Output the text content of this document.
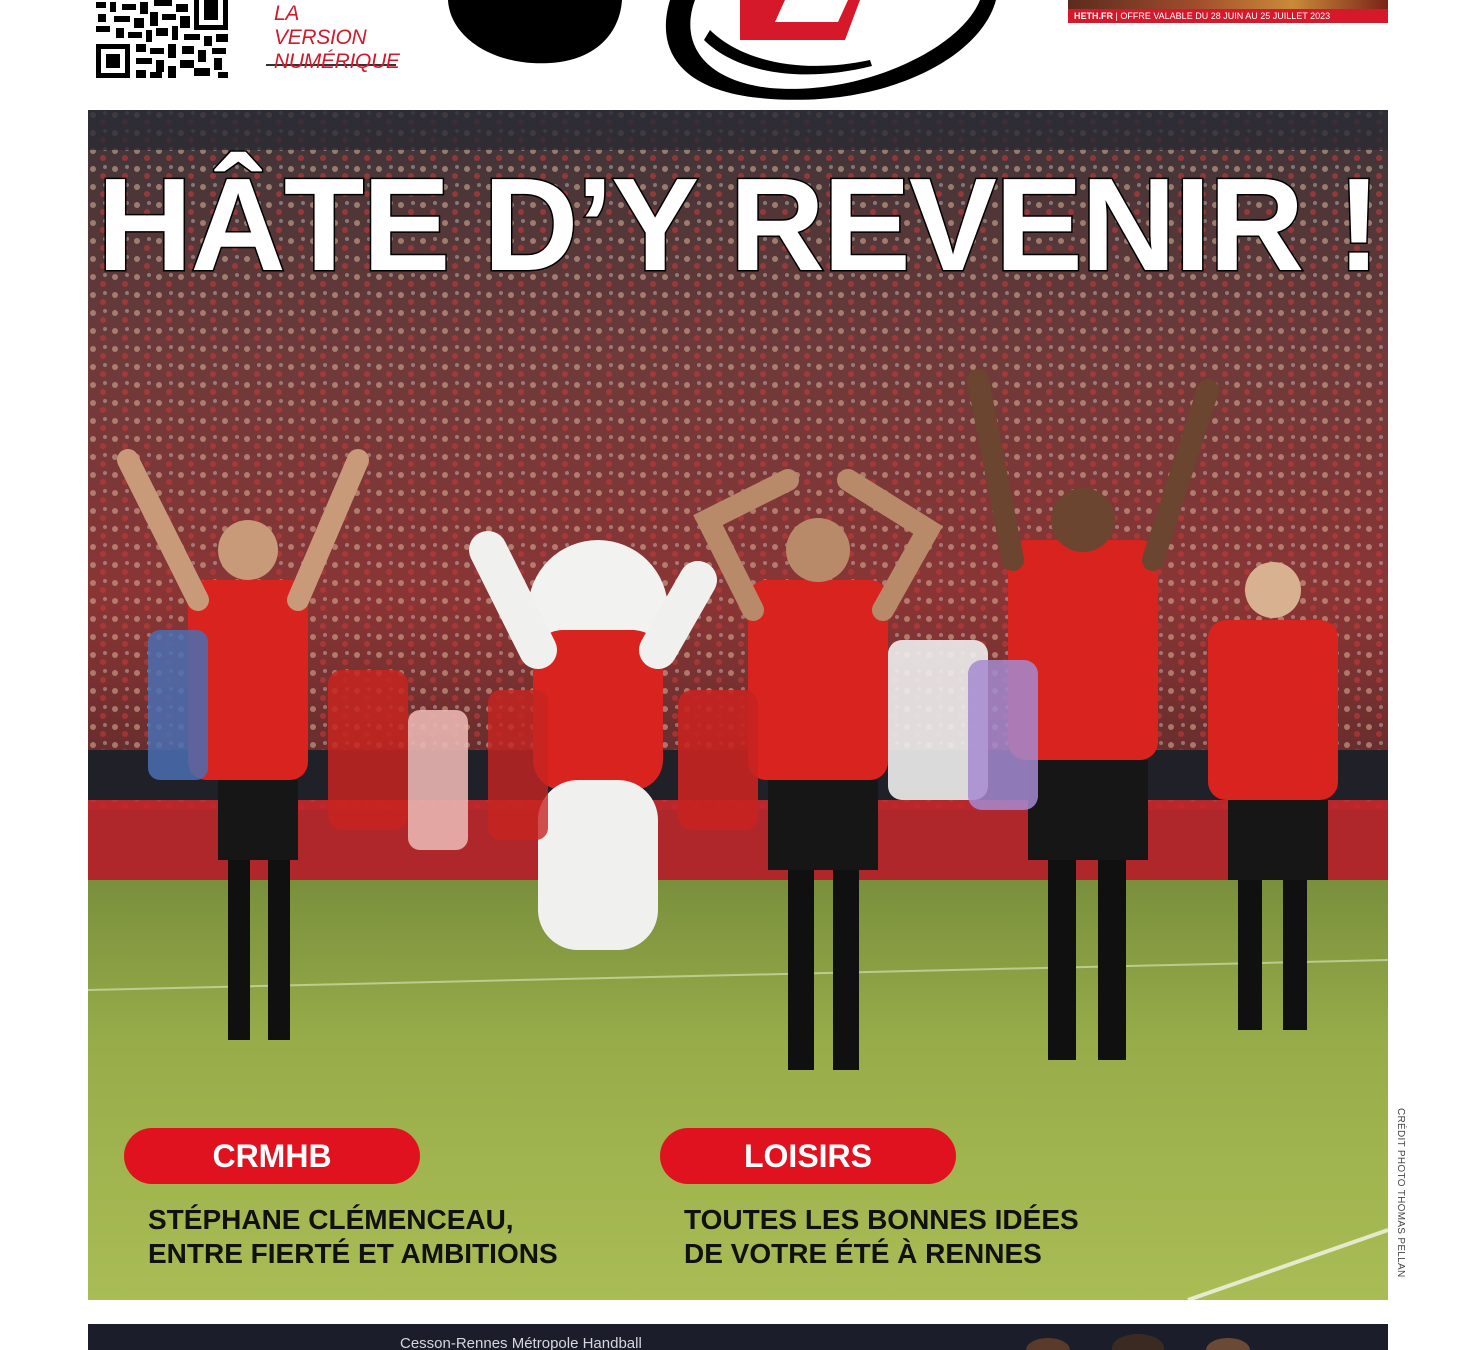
LA VERSION
NUMÉRIQUE
HETH.FR | OFFRE VALABLE DU 28 JUIN AU 25 JUILLET 2023
HÂTE D’Y REVENIR !
CRMHB	LOISIRS
STÉPHANE CLÉMENCEAU,
ENTRE FIERTÉ ET AMBITIONS
TOUTES LES BONNES IDÉES
DE VOTRE ÉTÉ À RENNES	CRÉDIT PHOTO THOMAS PELLAN
Cesson-Rennes Métropole Handball
